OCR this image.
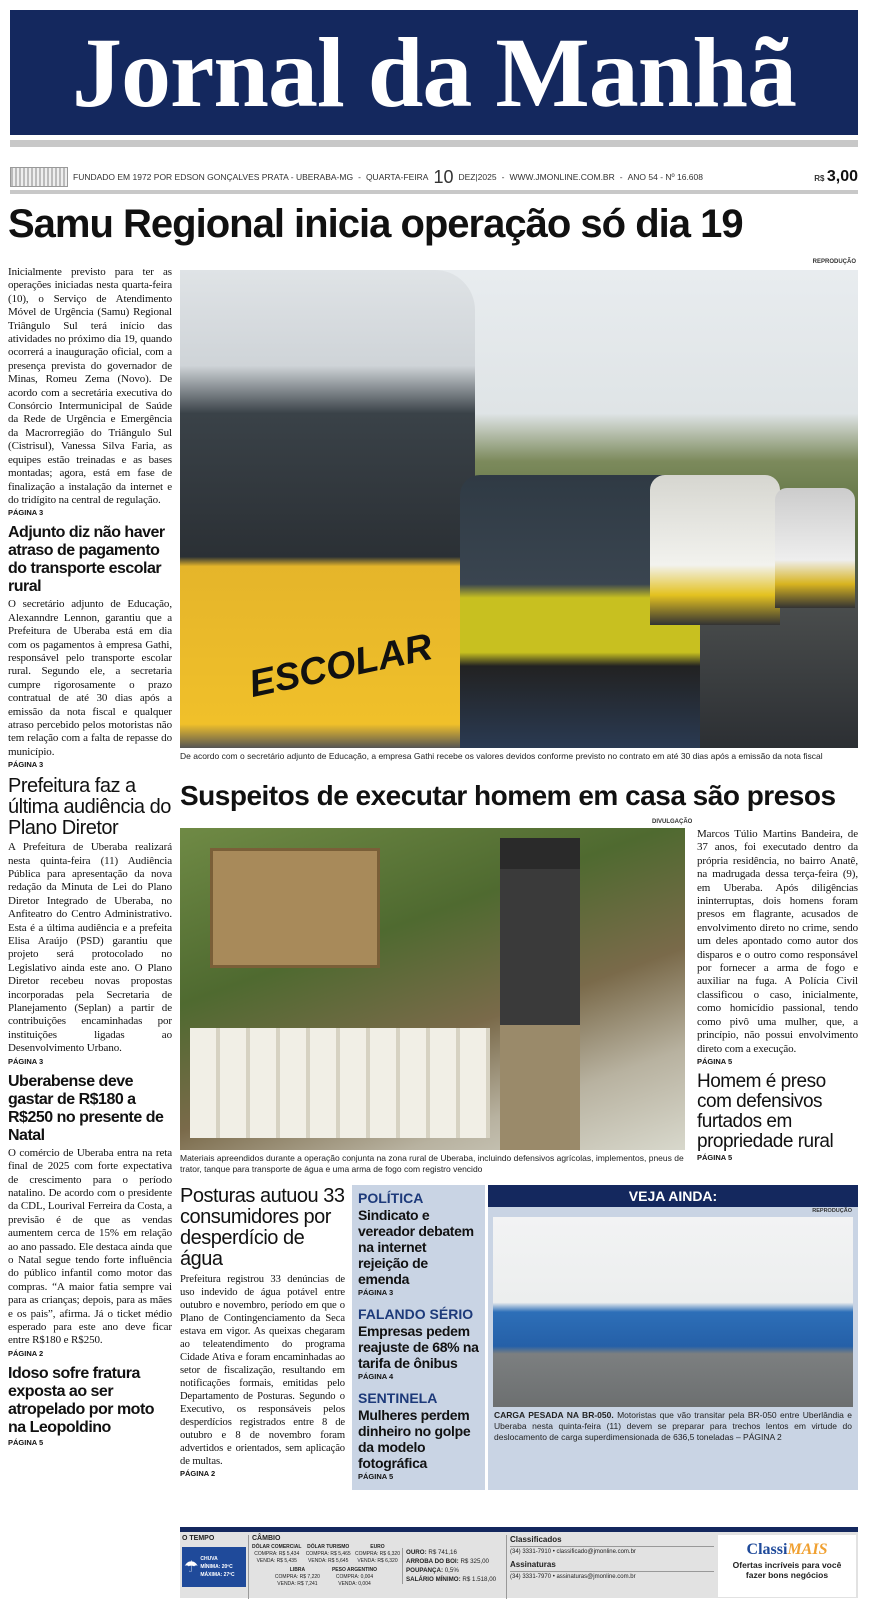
Jornal da Manhã
FUNDADO EM 1972 POR EDSON GONÇALVES PRATA - UBERABA-MG - QUARTA-FEIRA 10 DEZ|2025 - WWW.JMONLINE.COM.BR - ANO 54 - Nº 16.608	R$ 3,00
Samu Regional inicia operação só dia 19
REPRODUÇÃO

Inicialmente previsto para ter as operações iniciadas nesta quarta-feira (10), o Serviço de Atendimento Móvel de Urgência (Samu) Regional Triângulo Sul terá início das atividades no próximo dia 19, quando ocorrerá a inauguração oficial, com a presença prevista do governador de Minas, Romeu Zema (Novo). De acordo com a secretária executiva do Consórcio Intermunicipal de Saúde da Rede de Urgência e Emergência da Macrorregião do Triângulo Sul (Cistrisul), Vanessa Silva Faria, as equipes estão treinadas e as bases montadas; agora, está em fase de finalização a instalação da internet e do tridígito na central de regulação.

PÁGINA 3

Adjunto diz não haver atraso de pagamento do transporte escolar rural

O secretário adjunto de Educação, Alexanndre Lennon, garantiu que a Prefeitura de Uberaba está em dia com os pagamentos à empresa Gathi, responsável pelo transporte escolar rural. Segundo ele, a secretaria cumpre rigorosamente o prazo contratual de até 30 dias após a emissão da nota fiscal e qualquer atraso percebido pelos motoristas não tem relação com a falta de repasse do município.

PÁGINA 3

Prefeitura faz a última audiência do Plano Diretor

A Prefeitura de Uberaba realizará nesta quinta-feira (11) Audiência Pública para apresentação da nova redação da Minuta de Lei do Plano Diretor Integrado de Uberaba, no Anfiteatro do Centro Administrativo. Esta é a última audiência e a prefeita Elisa Araújo (PSD) garantiu que projeto será protocolado no Legislativo ainda este ano. O Plano Diretor recebeu novas propostas incorporadas pela Secretaria de Planejamento (Seplan) a partir de contribuições encaminhadas por instituições ligadas ao Desenvolvimento Urbano.

PÁGINA 3

Uberabense deve gastar de R$180 a R$250 no presente de Natal

O comércio de Uberaba entra na reta final de 2025 com forte expectativa de crescimento para o período natalino. De acordo com o presidente da CDL, Lourival Ferreira da Costa, a previsão é de que as vendas aumentem cerca de 15% em relação ao ano passado. Ele destaca ainda que o Natal segue tendo forte influência do público infantil como motor das compras. “A maior fatia sempre vai para as crianças; depois, para as mães e os pais”, afirma. Já o ticket médio esperado para este ano deve ficar entre R$180 e R$250.

PÁGINA 2

Idoso sofre fratura exposta ao ser atropelado por moto na Leopoldino

PÁGINA 5

ESCOLAR
De acordo com o secretário adjunto de Educação, a empresa Gathi recebe os valores devidos conforme previsto no contrato em até 30 dias após a emissão da nota fiscal
Suspeitos de executar homem em casa são presos
DIVULGAÇÃO
Materiais apreendidos durante a operação conjunta na zona rural de Uberaba, incluindo defensivos agrícolas, implementos, pneus de trator, tanque para transporte de água e uma arma de fogo com registro vencido

Marcos Túlio Martins Bandeira, de 37 anos, foi executado dentro da própria residência, no bairro Anatê, na madrugada dessa terça-feira (9), em Uberaba. Após diligências ininterruptas, dois homens foram presos em flagrante, acusados de envolvimento direto no crime, sendo um deles apontado como autor dos disparos e o outro como responsável por fornecer a arma de fogo e auxiliar na fuga. A Polícia Civil classificou o caso, inicialmente, como homicídio passional, tendo como pivô uma mulher, que, a princípio, não possui envolvimento direto com a execução.

PÁGINA 5

Homem é preso com defensivos furtados em propriedade rural

PÁGINA 5

Posturas autuou 33 consumidores por desperdício de água

Prefeitura registrou 33 denúncias de uso indevido de água potável entre outubro e novembro, período em que o Plano de Contingenciamento da Seca estava em vigor. As queixas chegaram ao teleatendimento do programa Cidade Ativa e foram encaminhadas ao setor de fiscalização, resultando em notificações formais, emitidas pelo Departamento de Posturas. Segundo o Executivo, os responsáveis pelos desperdícios registrados entre 8 de outubro e 8 de novembro foram advertidos e orientados, sem aplicação de multas.

PÁGINA 2

POLÍTICA
Sindicato e vereador debatem na internet rejeição de emenda
PÁGINA 3
FALANDO SÉRIO
Empresas pedem reajuste de 68% na tarifa de ônibus
PÁGINA 4
SENTINELA
Mulheres perdem dinheiro no golpe da modelo fotográfica
PÁGINA 5
VEJA AINDA:
REPRODUÇÃO

CARGA PESADA NA BR-050. Motoristas que vão transitar pela BR-050 entre Uberlândia e Uberaba nesta quinta-feira (11) devem se preparar para trechos lentos em virtude do deslocamento de carga superdimensionada de 636,5 toneladas – PÁGINA 2

O TEMPO
☂ CHUVA
MÍNIMA: 20ºC
MÁXIMA: 27ºC
CÂMBIO
DÓLAR COMERCIAL
COMPRA: R$ 5,434
VENDA: R$ 5,435
DÓLAR TURISMO
COMPRA: R$ 5,465
VENDA: R$ 5,645
EURO
COMPRA: R$ 6,320
VENDA: R$ 6,320
LIBRA
COMPRA: R$ 7,220
VENDA: R$ 7,241
PESO ARGENTINO
COMPRA: 0,004
VENDA: 0,004
OURO: R$ 741,16
ARROBA DO BOI: R$ 325,00
POUPANÇA: 0,5%
SALÁRIO MÍNIMO: R$ 1.518,00
Classificados
(34) 3331-7910 • classificado@jmonline.com.br
Assinaturas
(34) 3331-7970 • assinaturas@jmonline.com.br
ClassiMAIS
Ofertas incríveis para você fazer bons negócios
